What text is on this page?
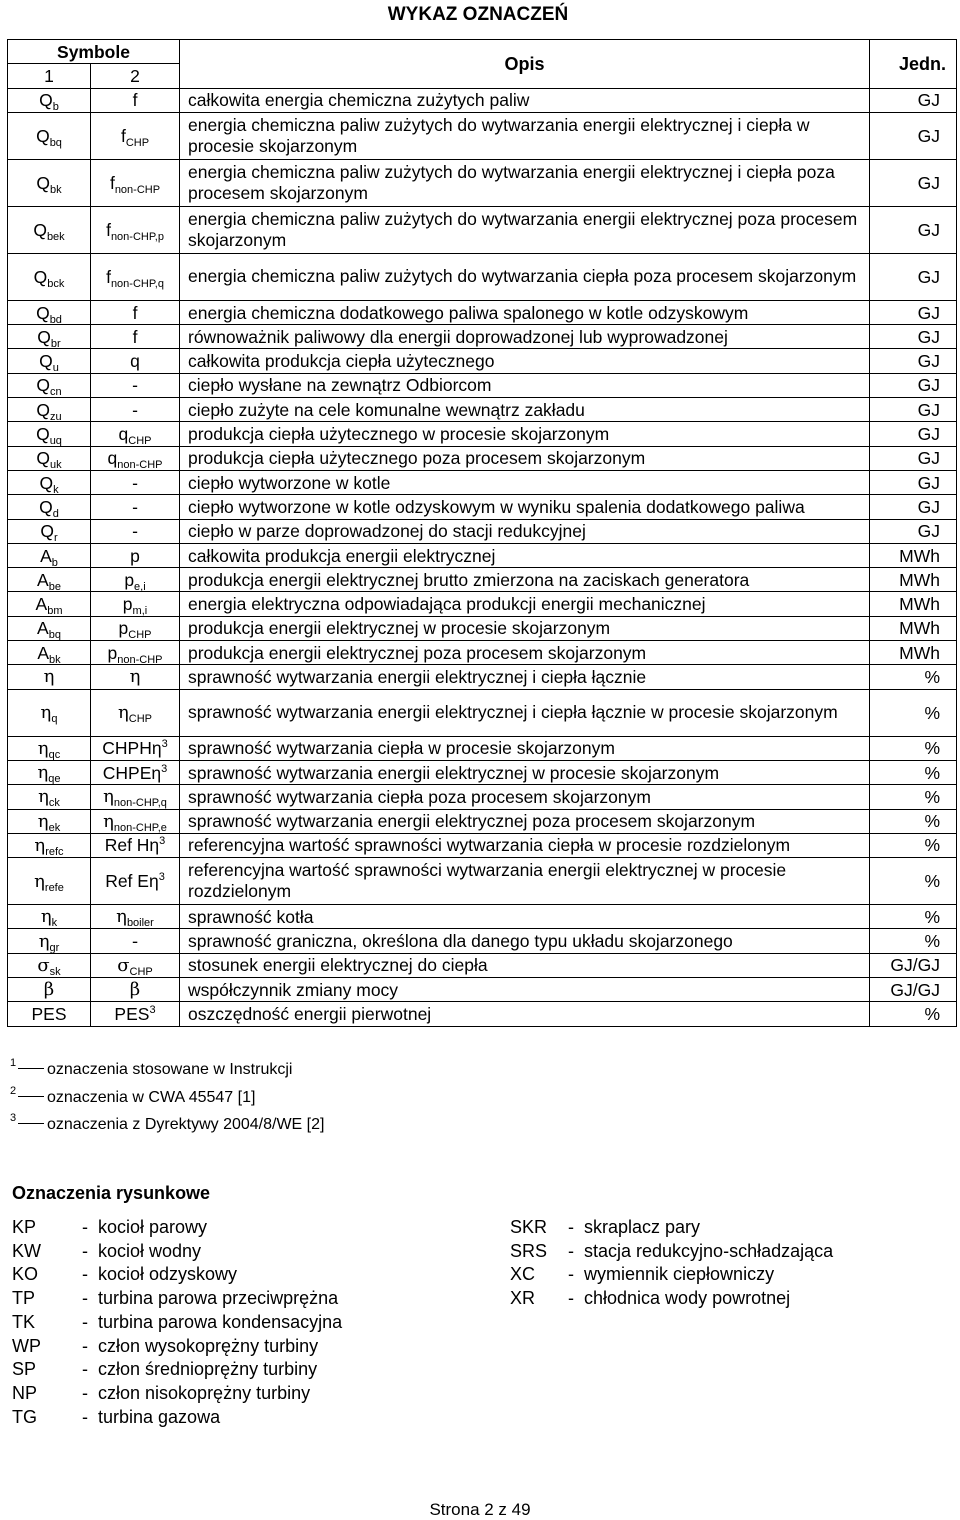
WYKAZ OZNACZEŃ
Symbole		Opis	Jedn.
1	2		
$Q_b$	f	całkowita energia chemiczna zużytych paliw	GJ
$Q_{bq}$	$f_{CHP}$	energia chemiczna paliw zużytych do wytwarzania energii elektrycznej i ciepła w procesie skojarzonym	GJ
$Q_{bk}$	$f_{non-CHP}$	energia chemiczna paliw zużytych do wytwarzania energii elektrycznej i ciepła poza procesem skojarzonym	GJ
$Q_{bek}$	$f_{non-CHP,p}$	energia chemiczna paliw zużytych do wytwarzania energii elektrycznej poza procesem skojarzonym	GJ
$Q_{bck}$	$f_{non-CHP,q}$	energia chemiczna paliw zużytych do wytwarzania ciepła poza procesem skojarzonym	GJ
$Q_{bd}$	f	energia chemiczna dodatkowego paliwa spalonego w kotle odzyskowym	GJ
$Q_{br}$	f	równoważnik paliwowy dla energii doprowadzonej lub wyprowadzonej	GJ
$Q_u$	q	całkowita produkcja ciepła użytecznego	GJ
$Q_{cn}$	-	ciepło wysłane na zewnątrz Odbiorcom	GJ
$Q_{zu}$	-	ciepło zużyte na cele komunalne wewnątrz zakładu	GJ
$Q_{uq}$	$q_{CHP}$	produkcja ciepła użytecznego w procesie skojarzonym	GJ
$Q_{uk}$	$q_{non-CHP}$	produkcja ciepła użytecznego poza procesem skojarzonym	GJ
$Q_k$	-	ciepło wytworzone w kotle	GJ
$Q_d$	-	ciepło wytworzone w kotle odzyskowym w wyniku spalenia dodatkowego paliwa	GJ
$Q_r$	-	ciepło w parze doprowadzonej do stacji redukcyjnej	GJ
$A_b$	p	całkowita produkcja energii elektrycznej	MWh
$A_{be}$	$p_{e,i}$	produkcja energii elektrycznej brutto zmierzona na zaciskach generatora	MWh
$A_{bm}$	$p_{m,i}$	energia elektryczna odpowiadająca produkcji energii mechanicznej	MWh
$A_{bq}$	$p_{CHP}$	produkcja energii elektrycznej w procesie skojarzonym	MWh
$A_{bk}$	$p_{non-CHP}$	produkcja energii elektrycznej poza procesem skojarzonym	MWh
η	η	sprawność wytwarzania energii elektrycznej i ciepła łącznie	%
$\eta_q$	$\eta_{CHP}$	sprawność wytwarzania energii elektrycznej i ciepła łącznie w procesie skojarzonym	%
$\eta_{qc}$	CHPHη$^3$	sprawność wytwarzania ciepła w procesie skojarzonym	%
$\eta_{qe}$	CHPEη$^3$	sprawność wytwarzania energii elektrycznej w procesie skojarzonym	%
$\eta_{ck}$	$\eta_{non-CHP,q}$	sprawność wytwarzania ciepła poza procesem skojarzonym	%
$\eta_{ek}$	$\eta_{non-CHP,e}$	sprawność wytwarzania energii elektrycznej poza procesem skojarzonym	%
$\eta_{refc}$	Ref $H\eta^3$	referencyjna wartość sprawności wytwarzania ciepła w procesie rozdzielonym	%
$\eta_{refe}$	Ref $E\eta^3$	referencyjna wartość sprawności wytwarzania energii elektrycznej w procesie rozdzielonym	%
$\eta_k$	$\eta_{boiler}$	sprawność kotła	%
$\eta_{gr}$	-	sprawność graniczna, określona dla danego typu układu skojarzonego	%
$\sigma_{sk}$	$\sigma_{CHP}$	stosunek energii elektrycznej do ciepła	GJ/GJ
β	β	współczynnik zmiany mocy	GJ/GJ
PES	PES$^3$	oszczędność energii pierwotnej	%
1 oznaczenia stosowane w Instrukcji
2 oznaczenia w CWA 45547 [1]
3 oznaczenia z Dyrektywy 2004/8/WE [2]
Oznaczenia rysunkowe
KP	- kocioł parowy
KW - kocioł wodny
KO - kocioł odzyskowy
TP	- turbina parowa przeciwprężna
TK	- turbina parowa kondensacyjna
WP - człon wysokoprężny turbiny
SP	- człon średnioprężny turbiny
NP - człon nisokoprężny turbiny
TG	- turbina gazowa
SKR - skraplacz pary
SRS - stacja redukcyjno-schładzająca
XC - wymiennik ciepłowniczy
XR - chłodnica wody powrotnej
Strona 2 z 49
